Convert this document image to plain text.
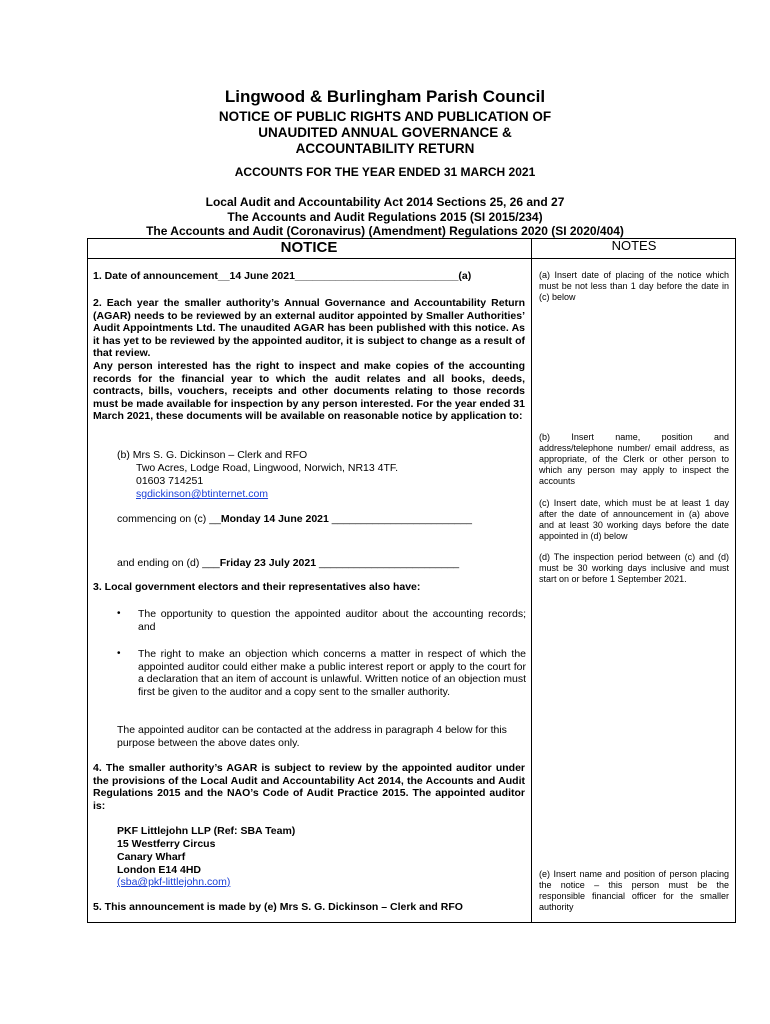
Lingwood & Burlingham Parish Council
NOTICE OF PUBLIC RIGHTS AND PUBLICATION OF UNAUDITED ANNUAL GOVERNANCE & ACCOUNTABILITY RETURN
ACCOUNTS FOR THE YEAR ENDED 31 MARCH 2021
Local Audit and Accountability Act 2014 Sections 25, 26 and 27
The Accounts and Audit Regulations 2015 (SI 2015/234)
The Accounts and Audit (Coronavirus) (Amendment) Regulations 2020 (SI 2020/404)
NOTICE	NOTES
1. Date of announcement__14 June 2021____________________________(a)
2. Each year the smaller authority’s Annual Governance and Accountability Return (AGAR) needs to be reviewed by an external auditor appointed by Smaller Authorities’ Audit Appointments Ltd. The unaudited AGAR has been published with this notice. As it has yet to be reviewed by the appointed auditor, it is subject to change as a result of that review.
Any person interested has the right to inspect and make copies of the accounting records for the financial year to which the audit relates and all books, deeds, contracts, bills, vouchers, receipts and other documents relating to those records must be made available for inspection by any person interested. For the year ended 31 March 2021, these documents will be available on reasonable notice by application to:
(b) Mrs S. G. Dickinson – Clerk and RFO
Two Acres, Lodge Road, Lingwood, Norwich, NR13 4TF.
01603 714251
sgdickinson@btinternet.com
commencing on (c) __Monday 14 June 2021 ________________________
and ending on (d) ___Friday 23 July 2021 ________________________
3. Local government electors and their representatives also have:
• The opportunity to question the appointed auditor about the accounting records; and
• The right to make an objection which concerns a matter in respect of which the appointed auditor could either make a public interest report or apply to the court for a declaration that an item of account is unlawful. Written notice of an objection must first be given to the auditor and a copy sent to the smaller authority.
The appointed auditor can be contacted at the address in paragraph 4 below for this purpose between the above dates only.
4. The smaller authority’s AGAR is subject to review by the appointed auditor under the provisions of the Local Audit and Accountability Act 2014, the Accounts and Audit Regulations 2015 and the NAO’s Code of Audit Practice 2015. The appointed auditor is:
PKF Littlejohn LLP (Ref: SBA Team)
15 Westferry Circus
Canary Wharf
London E14 4HD
(sba@pkf-littlejohn.com)
5. This announcement is made by (e) Mrs S. G. Dickinson – Clerk and RFO
(a) Insert date of placing of the notice which must be not less than 1 day before the date in (c) below
(b) Insert name, position and address/telephone number/ email address, as appropriate, of the Clerk or other person to which any person may apply to inspect the accounts
(c) Insert date, which must be at least 1 day after the date of announcement in (a) above and at least 30 working days before the date appointed in (d) below
(d) The inspection period between (c) and (d) must be 30 working days inclusive and must start on or before 1 September 2021.
(e) Insert name and position of person placing the notice – this person must be the responsible financial officer for the smaller authority
